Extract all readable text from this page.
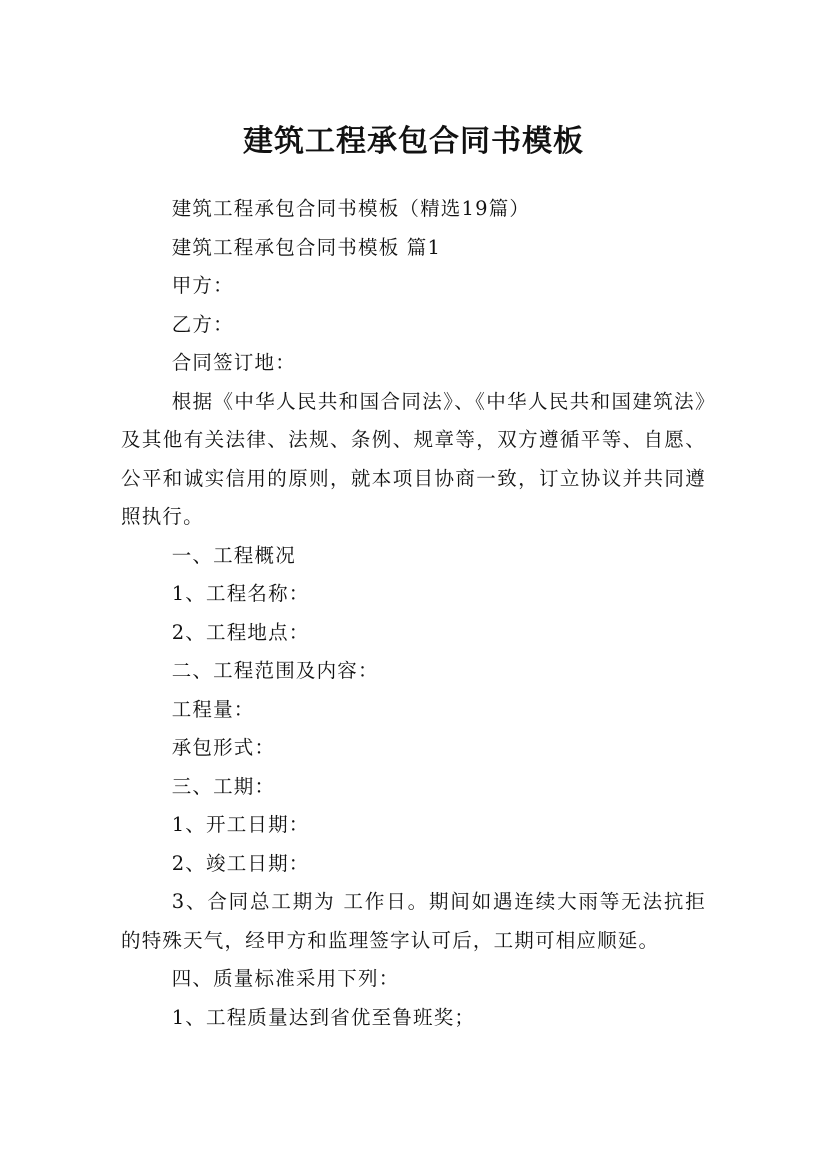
建筑工程承包合同书模板

建筑工程承包合同书模板（精选19篇）

建筑工程承包合同书模板 篇1

甲方：

乙方：

合同签订地：

根据《中华人民共和国合同法》、《中华人民共和国建筑法》及其他有关法律、法规、条例、规章等，双方遵循平等、自愿、公平和诚实信用的原则，就本项目协商一致，订立协议并共同遵照执行。

一、工程概况

1、工程名称：

2、工程地点：

二、工程范围及内容：

工程量：

承包形式：

三、工期：

1、开工日期：

2、竣工日期：

3、合同总工期为 工作日。期间如遇连续大雨等无法抗拒的特殊天气，经甲方和监理签字认可后，工期可相应顺延。

四、质量标准采用下列：

1、工程质量达到省优至鲁班奖；
